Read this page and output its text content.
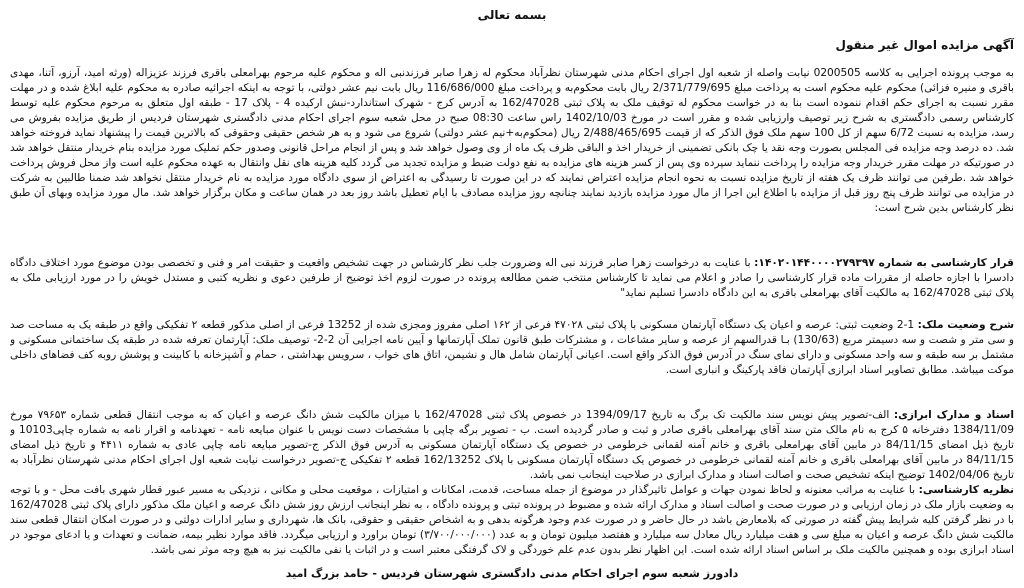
بسمه تعالی
آگهی مزایده اموال غیر منقول
به موجب پرونده اجرایی به کلاسه 0200505 نیابت واصله از شعبه اول اجرای احکام مدنی شهرستان نظرآباد محکوم له زهرا صابر فرزندنبی اله و محکوم علیه مرحوم بهرامعلی باقری فرزند عزیزاله (ورثه امید، آرزو، آتنا، مهدی باقری و منیره فزائی) محکوم علیه محکوم است به پرداخت مبلغ 2/371/779/695 ریال بابت محکوم‌به و پرداخت مبلغ 116/686/000 ریال بابت نیم عشر دولتی، با توجه به اینکه اجرائیه صادره به محکوم علیه ابلاغ شده و در مهلت مقرر نسبت به اجرای حکم اقدام ننموده است بنا به در خواست محکوم له توقیف ملک به پلاک ثبتی 162/47028 به آدرس کرج - شهرک استاندارد-نبش ارکیده 4 - پلاک 17 - طبقه اول متعلق به مرحوم محکوم علیه توسط کارشناس رسمی دادگستری به شرح زیر توصیف وارزیابی شده و مقرر است در مورخ 1402/10/03 راس ساعت 08:30 صبح در محل شعبه سوم اجرای احکام مدنی دادگستری شهرستان فردیس از طریق مزایده بفروش می رسد، مزایده به نسبت 6/72 سهم از کل 100 سهم ملک فوق الذکر که از قیمت 2/488/465/695 ریال (محکوم‌به+نیم عشر دولتی) شروع می شود و به هر شخص حقیقی وحقوقی که بالاترین قیمت را پیشنهاد نماید فروخته خواهد شد. ده درصد وجه مزایده فی المجلس بصورت وجه نقد یا چک بانکی تضمینی از خریدار اخذ و الباقی ظرف یک ماه از وی وصول خواهد شد و پس از انجام مراحل قانونی وصدور حکم تملیک مورد مزایده بنام خریدار منتقل خواهد شد در صورتیکه در مهلت مقرر خریدار وجه مزایده را پرداخت ننماید سپرده وی پس از کسر هزینه های مزایده به نفع دولت ضبط و مزایده تجدید می گردد کلیه هزینه های نقل وانتقال به عهده محکوم علیه است واز محل فروش پرداخت خواهد شد .طرفین می توانند ظرف یک هفته از تاریخ مزایده نسبت به نحوه انجام مزایده اعتراض نمایند که در این صورت تا رسیدگی به اعتراض از سوی دادگاه مورد مزایده به نام خریدار منتقل نخواهد شد ضمنا طالبین به شرکت در مزایده می توانند ظرف پنج روز قبل از مزایده با اطلاع این اجرا از مال مورد مزایده بازدید نمایند چنانچه روز مزایده مصادف با ایام تعطیل باشد روز بعد در همان ساعت و مکان برگزار خواهد شد. مال مورد مزایده وبهای آن طبق نظر کارشناس بدین شرح است:
قرار کارشناسی به شماره ۱۴۰۲۰۱۴۴۰۰۰۰۲۷۹۳۹۷: با عنایت به درخواست زهرا صابر فرزند نبی اله وضرورت جلب نظر کارشناس در جهت تشخیص واقعیت و حقیقت امر و فنی و تخصصی بودن موضوع مورد اختلاف دادگاه دادسرا با اجازه حاصله از مقررات ماده قرار کارشناسی را صادر و اعلام می نماید تا کارشناس منتخب ضمن مطالعه پرونده در صورت لزوم اخذ توضیح از طرفین دعوی و نظریه کتبی و مستدل خویش را در مورد ارزیابی ملک به پلاک ثبتی 162/47028 به مالکیت آقای بهرامعلی باقری به این دادگاه دادسرا تسلیم نماید"
شرح وضعیت ملک: 1-2 وضعیت ثبتی: عرصه و اعیان یک دستگاه آپارتمان مسکونی با پلاک ثبتی ۴۷۰۲۸ فرعی از ۱۶۲ اصلی مفروز ومجزی شده از 13252 فرعی از اصلی مذکور قطعه ۲ تفکیکی واقع در طبقه یک به مساحت صد و سی متر و شصت و سه دسیمتر مربع (130/63) بـا قدرالسهم از عرصه و سایر مشاعات ، و مشترکات طبق قانون تملک آپارتمانها و آیین نامه اجرایی آن 2-2- توصیف ملک: آپارتمان تعرفه شده در طبقه یک ساختمانی مسکونی و مشتمل بر سه طبقه و سه واحد مسکونی و دارای نمای سنگ در آدرس فوق الذکر واقع است. اعیانی آپارتمان شامل هال و نشیمن، اتاق های خواب ، سرویس بهداشتی ، حمام و آشپزخانه با کابینت و پوشش روبه کف فضاهای داخلی موکت میباشد. مطابق تصاویر اسناد ابرازی آپارتمان فاقد پارکینگ و انباری است.
اسناد و مدارک ابرازی: الف-تصویر پیش نویس سند مالکیت تک برگ به تاریخ 1394/09/17 در خصوص پلاک ثبتی 162/47028 با میزان مالکیت شش دانگ عرصه و اعیان که به موجب انتقال قطعی شماره ۷۹۶۵۳ مورخ 1384/11/09 دفترخانه ۵ کرج به نام مالک متن سند آقای بهرامعلی باقری صادر و ثبت و صادر گردیده است. ب - تصویر برگه چاپی با مشخصات دست نویس با عنوان مبایعه نامه - تعهدنامه و اقرار نامه به شماره چاپی10103 و تاریخ ذیل امضای 84/11/15 در مابین آقای بهرامعلی باقری و خانم آمنه لقمانی خرطومی در خصوص یک دستگاه آپارتمان مسکونی به آدرس فوق الذکر ج-تصویر مبایعه نامه چاپی عادی به شماره ۴۴۱۱ و تاریخ ذیل امضای 84/11/15 در مابین آقای بهرامعلی باقری و خانم آمنه لقمانی خرطومی در خصوص یک دستگاه آپارتمان مسکونی با پلاک 162/13252 قطعه ۲ تفکیکی ج-تصویر درخواست نیابت شعبه اول اجرای احکام مدنی شهرستان نظرآباد به تاریخ 1402/04/06 توضیح اینکه تشخیص صحت و اصالت اسناد و مدارک ابرازی در صلاحیت اینجانب نمی باشد.
نظریه کارشناسی: با عنایت به مراتب معنونه و لحاظ نمودن جهات و عوامل تاثیرگذار در موضوع از جمله مساحت، قدمت، امکانات و امتیازات ، موقعیت محلی و مکانی ، نزدیکی به مسیر عبور قطار شهری بافت محل - و با توجه به وضعیت بازار ملک در زمان ارزیابی و در صورت صحت و اصالت اسناد و مدارک ارائه شده و مضبوط در پرونده تبتی و پرونده دادگاه ، به نظر اینجانب ارزش روز شش دانگ عرصه و اعیان ملک مذکور دارای پلاک ثبتی 162/47028 با در نظر گرفتن کلیه شرایط پیش گفته در صورتی که بلامعارض باشد در حال حاضر و در صورت عدم وجود هرگونه بدهی و به اشخاص حقیقی و حقوقی، بانک ها، شهرداری و سایر ادارات دولتی و در صورت امکان انتقال قطعی سند مالکیت شش دانگ عرصه و اعیان به مبلغ سی و هفت میلیارد ریال معادل سه میلیارد و هفتصد میلیون تومان و به عدد (۳/۷۰۰/۰۰۰/۰۰۰) تومان براورد و ارزیابی میگردد. فاقد موارد نظیر بیمه، ضمانت و تعهدات و یا ادعای موجود در اسناد ابرازی بوده و همچنین مالکیت ملک بر اساس اسناد ارائه شده است. این اظهار نظر بدون عدم علم خوردگی و لاک گرفتگی معتبر است و در اثبات یا نفی مالکیت نیز به هیچ وجه موثر نمی باشد.
دادورز شعبه سوم اجرای احکام مدنی دادگستری شهرستان فردیس - حامد بزرگ امید
